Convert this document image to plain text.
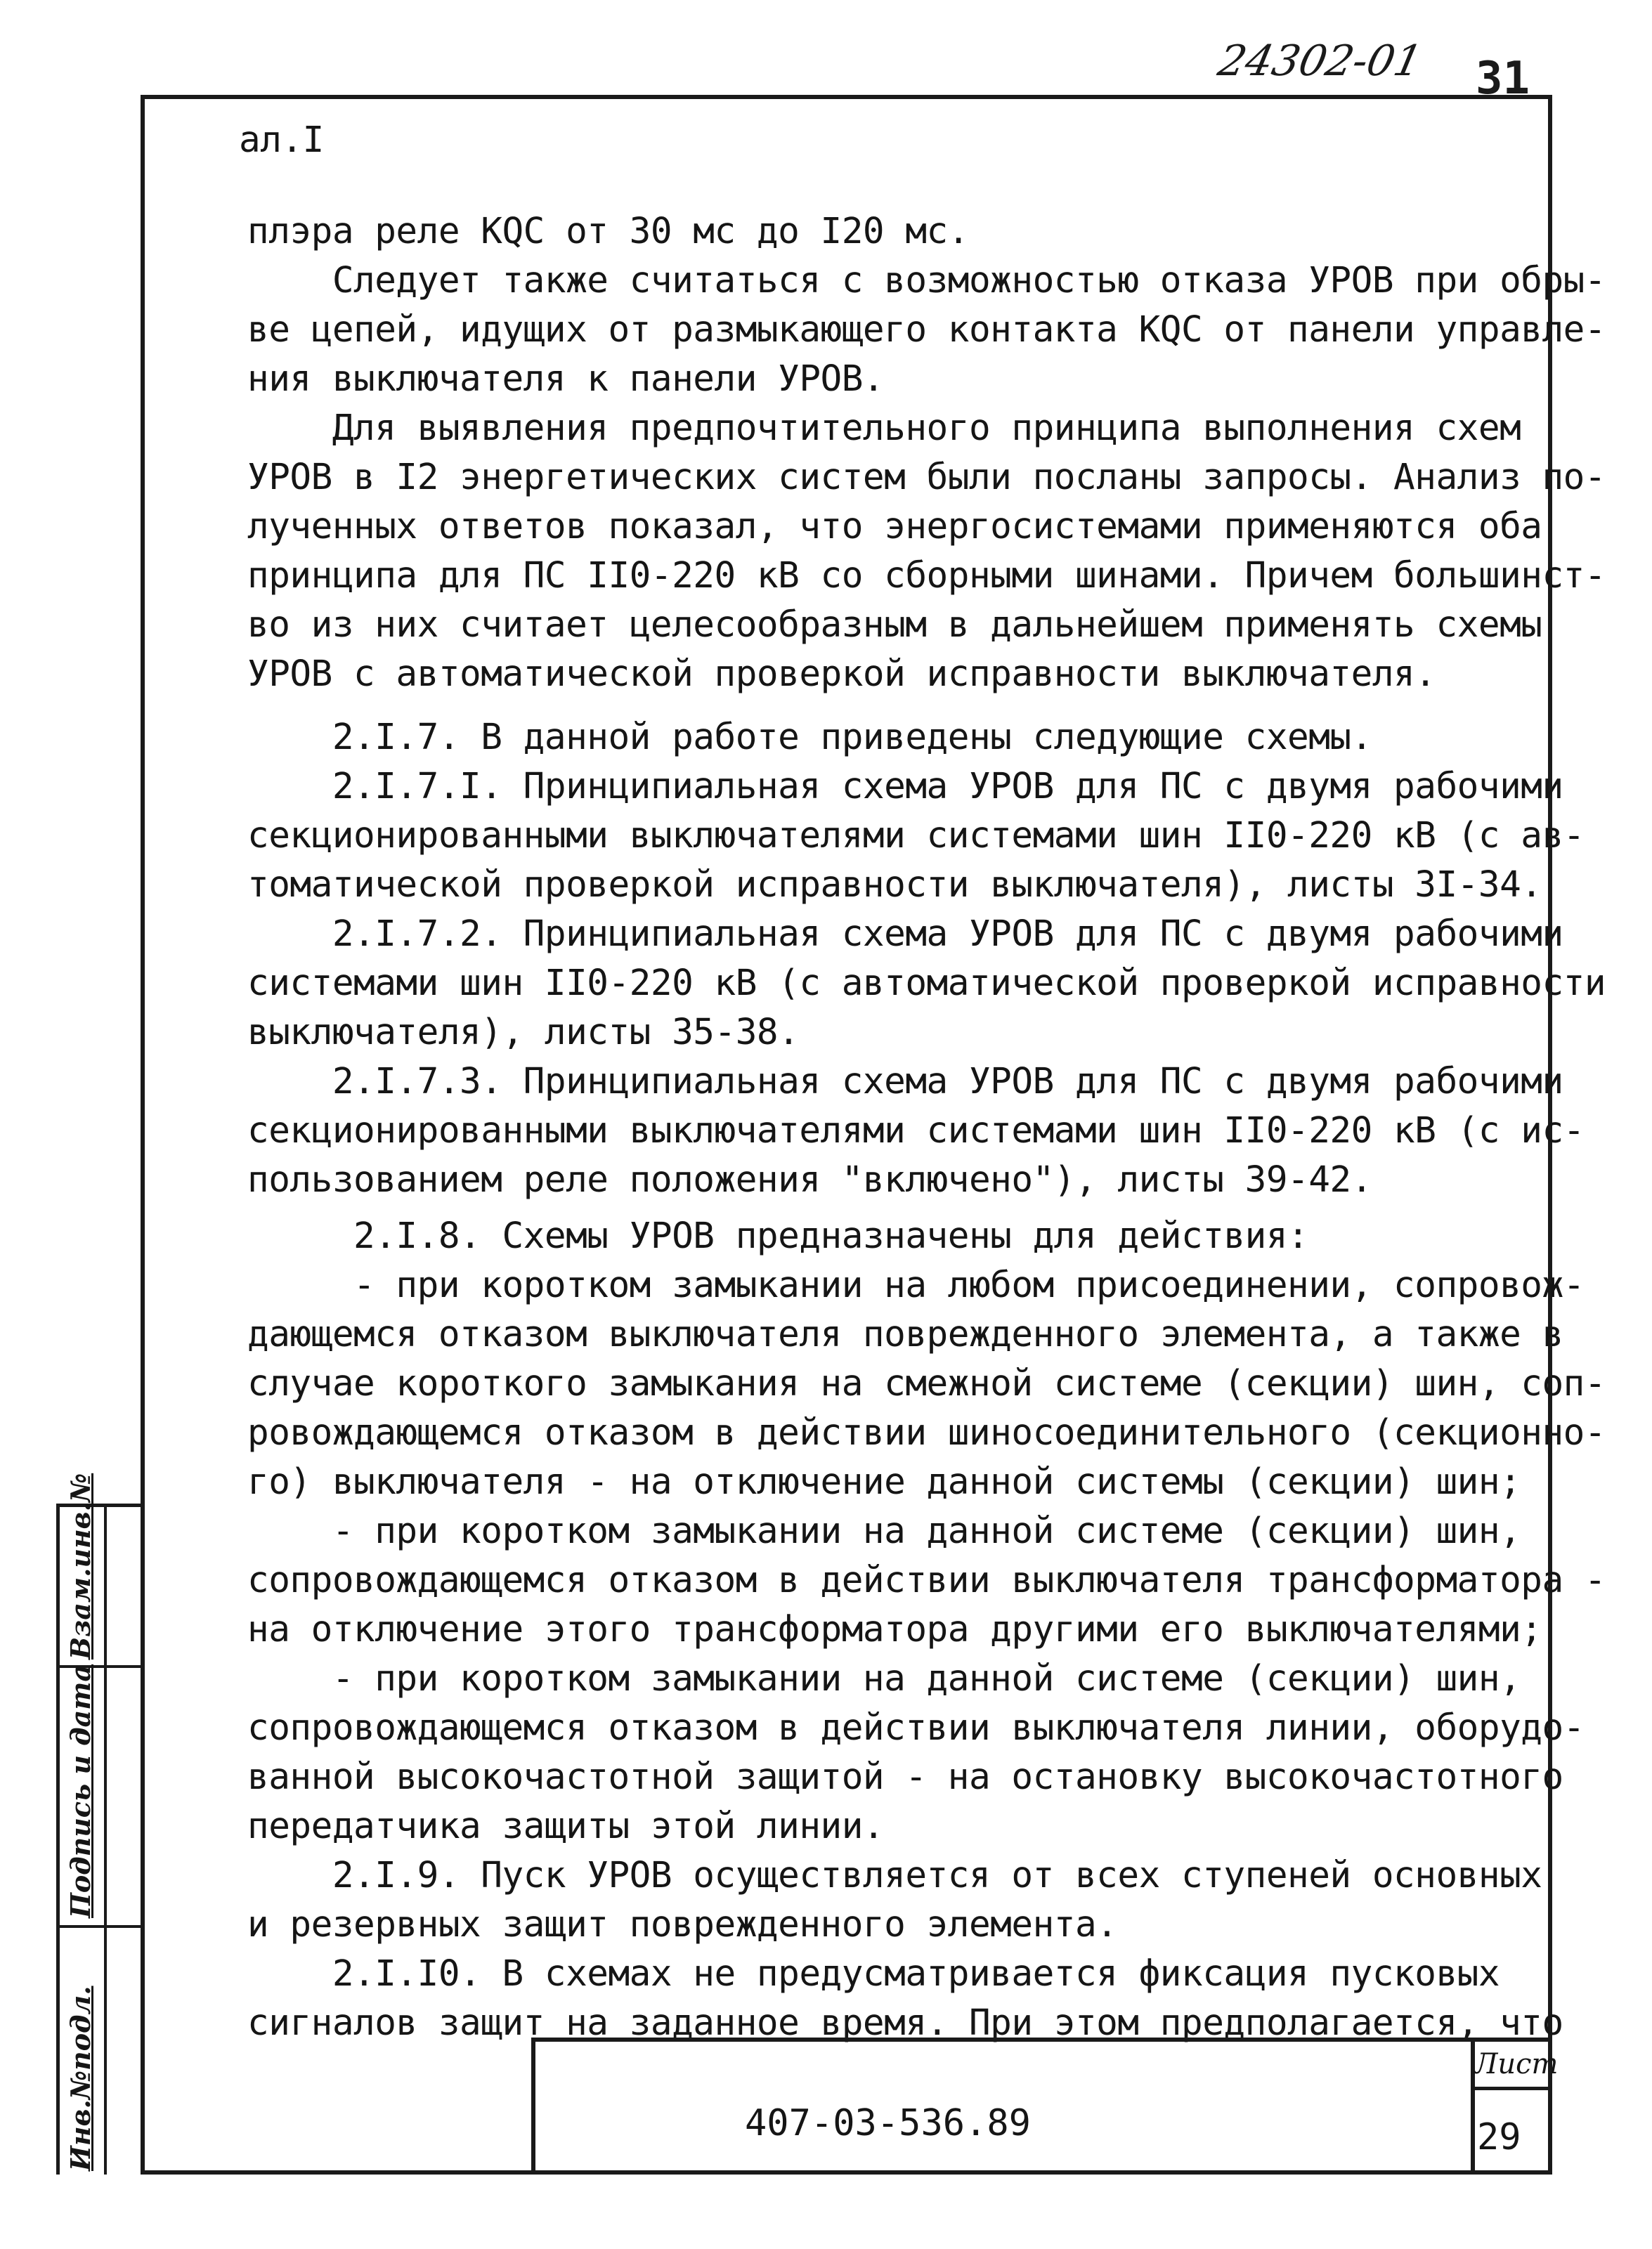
24302-01 31
ал.I
плэра реле KQC от 30 мс до I20 мс.
Следует также считаться с возможностью отказа УРОВ при обры-
ве цепей, идущих от размыкающего контакта KQC от панели управле-
ния выключателя к панели УРОВ.
Для выявления предпочтительного принципа выполнения схем
УРОВ в I2 энергетических систем были посланы запросы. Анализ по-
лученных ответов показал, что энергосистемами применяются оба
принципа для ПС II0-220 кВ со сборными шинами. Причем большинст-
во из них считает целесообразным в дальнейшем применять схемы
УРОВ с автоматической проверкой исправности выключателя.
2.I.7. В данной работе приведены следующие схемы.
2.I.7.I. Принципиальная схема УРОВ для ПС с двумя рабочими
секционированными выключателями системами шин II0-220 кВ (с ав-
томатической проверкой исправности выключателя), листы 3I-34.
2.I.7.2. Принципиальная схема УРОВ для ПС с двумя рабочими
системами шин II0-220 кВ (с автоматической проверкой исправности
выключателя), листы 35-38.
2.I.7.3. Принципиальная схема УРОВ для ПС с двумя рабочими
секционированными выключателями системами шин II0-220 кВ (с ис-
пользованием реле положения "включено"), листы 39-42.
2.I.8. Схемы УРОВ предназначены для действия:
- при коротком замыкании на любом присоединении, сопровож-
дающемся отказом выключателя поврежденного элемента, а также в
случае короткого замыкания на смежной системе (секции) шин, соп-
ровождающемся отказом в действии шиносоединительного (секционно-
го) выключателя - на отключение данной системы (секции) шин;
- при коротком замыкании на данной системе (секции) шин,
сопровождающемся отказом в действии выключателя трансформатора -
на отключение этого трансформатора другими его выключателями;
- при коротком замыкании на данной системе (секции) шин,
сопровождающемся отказом в действии выключателя линии, оборудо-
ванной высокочастотной защитой - на остановку высокочастотного
передатчика защиты этой линии.
2.I.9. Пуск УРОВ осуществляется от всех ступеней основных
и резервных защит поврежденного элемента.
2.I.I0. В схемах не предусматривается фиксация пусковых
сигналов защит на заданное время. При этом предполагается, что
407-03-536.89
Лист
29
Инв.№подл.
Подпись и дата
Взам.инв.№
